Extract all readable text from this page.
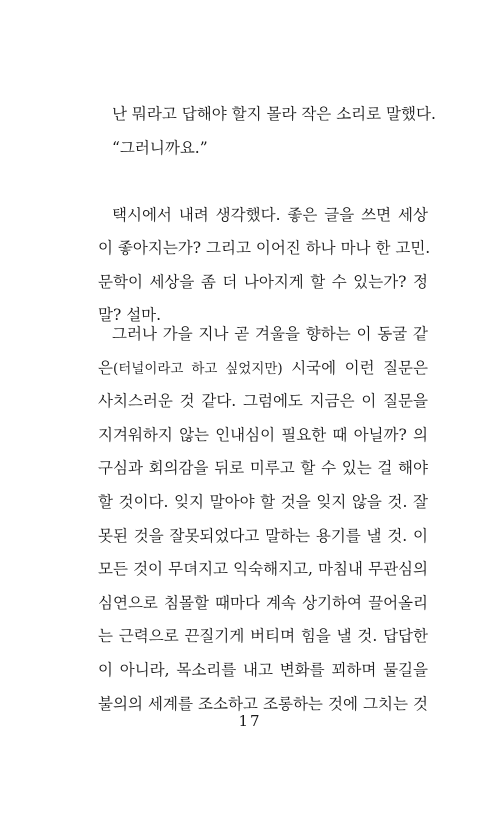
난 뭐라고 답해야 할지 몰라 작은 소리로 말했다.
“그러니까요.”
택시에서 내려 생각했다. 좋은 글을 쓰면 세상
이 좋아지는가? 그리고 이어진 하나 마나 한 고민.
문학이 세상을 좀 더 나아지게 할 수 있는가? 정
말? 설마.
그러나 가을 지나 곧 겨울을 향하는 이 동굴 같
은(터널이라고 하고 싶었지만) 시국에 이런 질문은
사치스러운 것 같다. 그럼에도 지금은 이 질문을
지겨워하지 않는 인내심이 필요한 때 아닐까? 의
구심과 회의감을 뒤로 미루고 할 수 있는 걸 해야
할 것이다. 잊지 말아야 할 것을 잊지 않을 것. 잘
못된 것을 잘못되었다고 말하는 용기를 낼 것. 이
모든 것이 무뎌지고 익숙해지고, 마침내 무관심의
심연으로 침몰할 때마다 계속 상기하여 끌어올리
는 근력으로 끈질기게 버티며 힘을 낼 것. 답답한
불의의 세계를 조소하고 조롱하는 것에 그치는 것
17
이 아니라, 목소리를 내고 변화를 꾀하며 물길을
